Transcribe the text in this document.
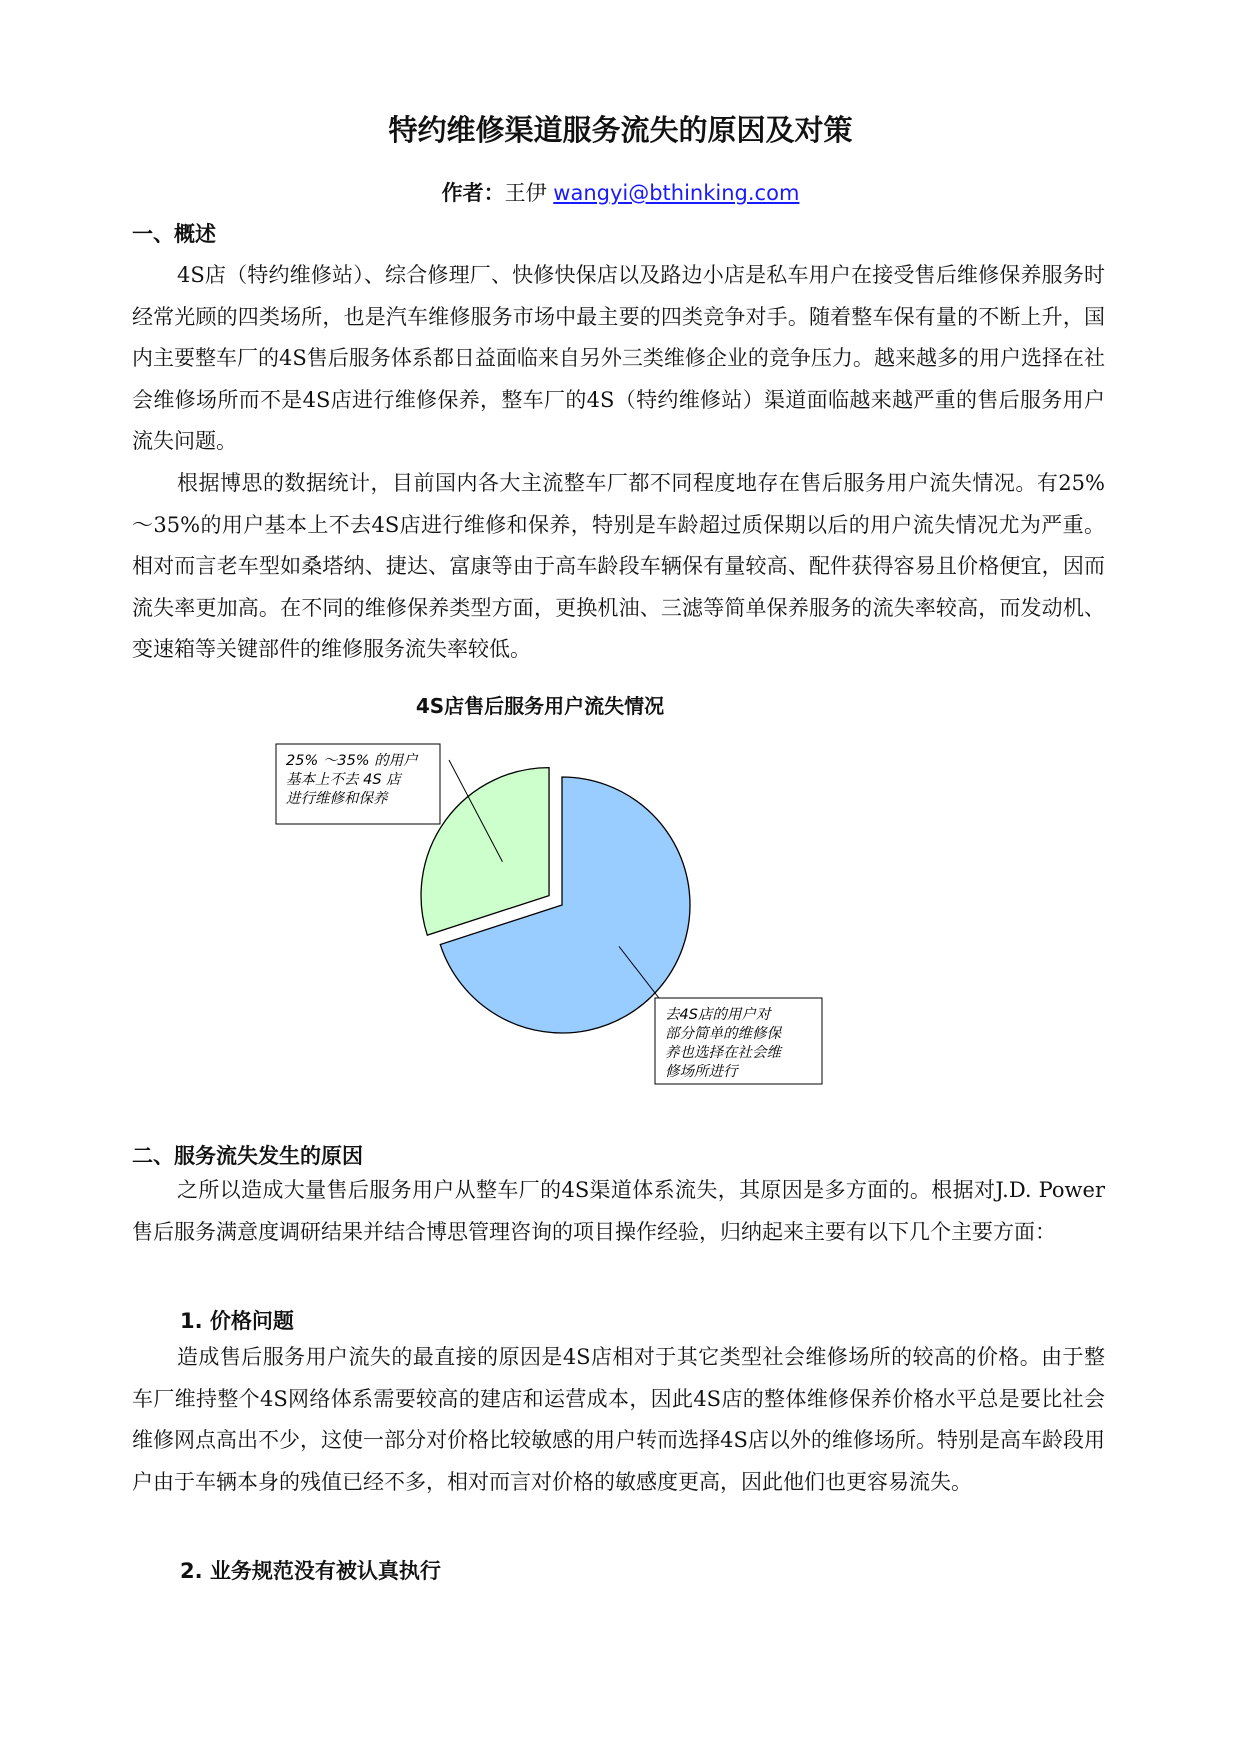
特约维修渠道服务流失的原因及对策
作者：王伊 wangyi@bthinking.com
一、概述

4S店（特约维修站）、综合修理厂、快修快保店以及路边小店是私车用户在接受售后维修保养服务时经常光顾的四类场所，也是汽车维修服务市场中最主要的四类竞争对手。随着整车保有量的不断上升，国内主要整车厂的4S售后服务体系都日益面临来自另外三类维修企业的竞争压力。越来越多的用户选择在社会维修场所而不是4S店进行维修保养，整车厂的4S（特约维修站）渠道面临越来越严重的售后服务用户流失问题。

根据博思的数据统计，目前国内各大主流整车厂都不同程度地存在售后服务用户流失情况。有25%～35%的用户基本上不去4S店进行维修和保养，特别是车龄超过质保期以后的用户流失情况尤为严重。相对而言老车型如桑塔纳、捷达、富康等由于高车龄段车辆保有量较高、配件获得容易且价格便宜，因而流失率更加高。在不同的维修保养类型方面，更换机油、三滤等简单保养服务的流失率较高，而发动机、变速箱等关键部件的维修服务流失率较低。

4S店售后服务用户流失情况
25% ～35% 的用户基本上不去 4S 店进行维修和保养
去4S店的用户对部分简单的维修保养也选择在社会维修场所进行
二、服务流失发生的原因

之所以造成大量售后服务用户从整车厂的4S渠道体系流失，其原因是多方面的。根据对J.D. Power售后服务满意度调研结果并结合博思管理咨询的项目操作经验，归纳起来主要有以下几个主要方面：

1. 价格问题

造成售后服务用户流失的最直接的原因是4S店相对于其它类型社会维修场所的较高的价格。由于整车厂维持整个4S网络体系需要较高的建店和运营成本，因此4S店的整体维修保养价格水平总是要比社会维修网点高出不少，这使一部分对价格比较敏感的用户转而选择4S店以外的维修场所。特别是高车龄段用户由于车辆本身的残值已经不多，相对而言对价格的敏感度更高，因此他们也更容易流失。

2. 业务规范没有被认真执行
